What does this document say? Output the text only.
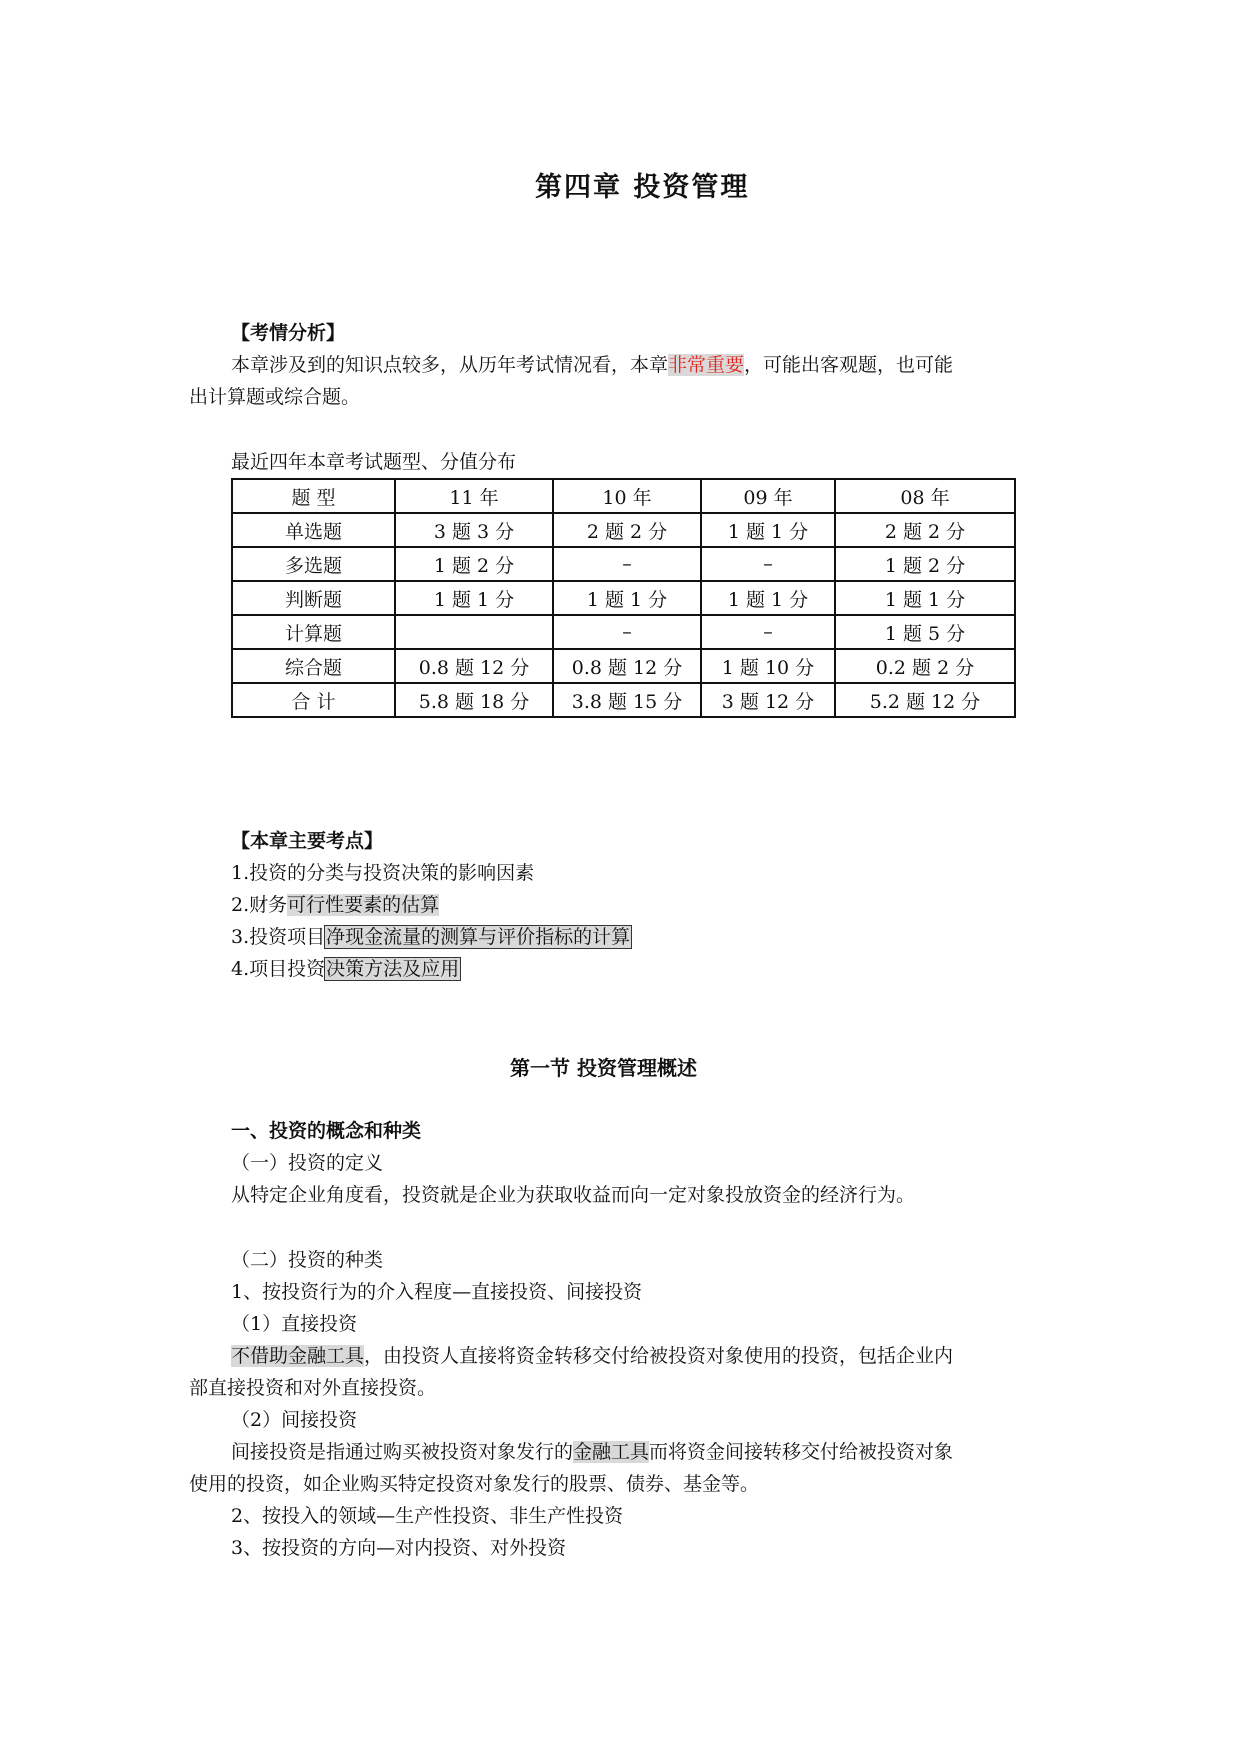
第四章 投资管理
【考情分析】
本章涉及到的知识点较多，从历年考试情况看，本章非常重要，可能出客观题，也可能
出计算题或综合题。
最近四年本章考试题型、分值分布
题 型	11 年	10 年	09 年	08 年
单选题	3 题 3 分	2 题 2 分	1 题 1 分	2 题 2 分
多选题	1 题 2 分	–	–	1 题 2 分
判断题	1 题 1 分	1 题 1 分	1 题 1 分	1 题 1 分
计算题		–	–	1 题 5 分
综合题	0.8 题 12 分	0.8 题 12 分	1 题 10 分	0.2 题 2 分
合 计	5.8 题 18 分	3.8 题 15 分	3 题 12 分	5.2 题 12 分
【本章主要考点】
1.投资的分类与投资决策的影响因素
2.财务可行性要素的估算
3.投资项目净现金流量的测算与评价指标的计算
4.项目投资决策方法及应用
第一节 投资管理概述
一、投资的概念和种类
（一）投资的定义
从特定企业角度看，投资就是企业为获取收益而向一定对象投放资金的经济行为。
（二）投资的种类
1、按投资行为的介入程度—直接投资、间接投资
（1）直接投资
不借助金融工具，由投资人直接将资金转移交付给被投资对象使用的投资，包括企业内
部直接投资和对外直接投资。
（2）间接投资
间接投资是指通过购买被投资对象发行的金融工具而将资金间接转移交付给被投资对象
使用的投资，如企业购买特定投资对象发行的股票、债券、基金等。
2、按投入的领域—生产性投资、非生产性投资
3、按投资的方向—对内投资、对外投资
